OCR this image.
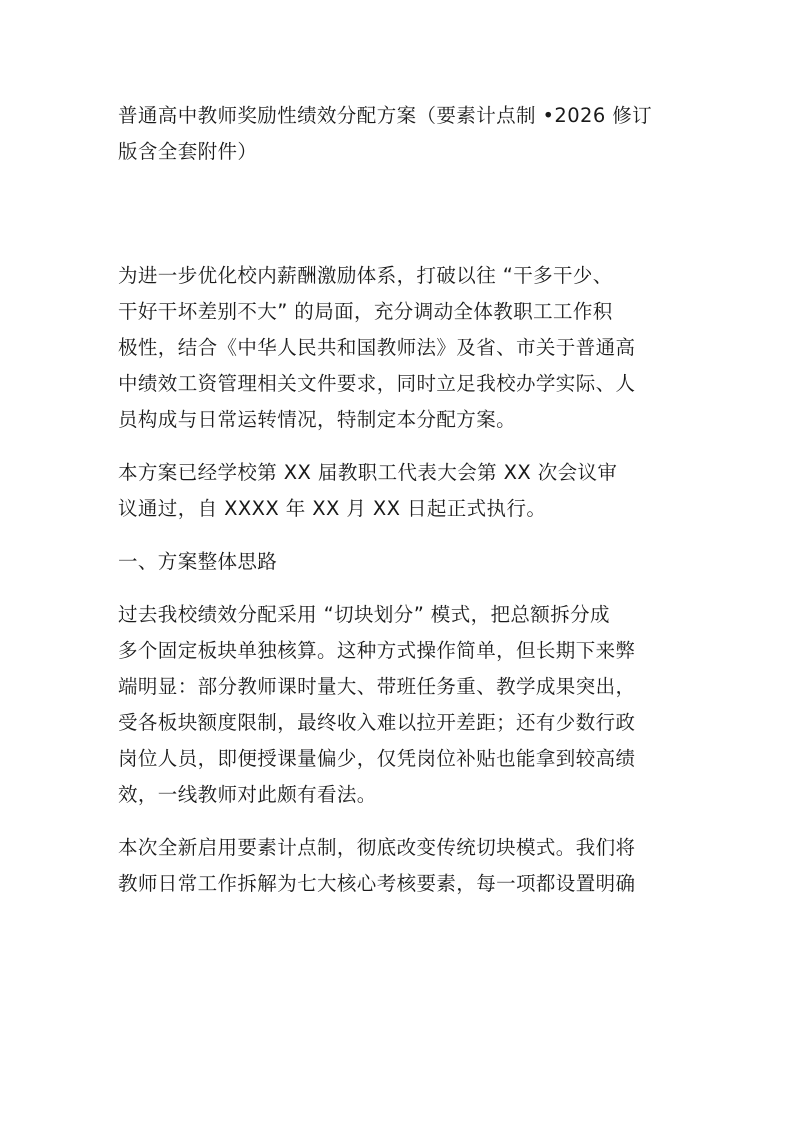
普通高中教师奖励性绩效分配方案（要素计点制 •2026 修订
版含全套附件）
为进一步优化校内薪酬激励体系，打破以往 “干多干少、
干好干坏差别不大” 的局面，充分调动全体教职工工作积
极性，结合《中华人民共和国教师法》及省、市关于普通高
中绩效工资管理相关文件要求，同时立足我校办学实际、人
员构成与日常运转情况，特制定本分配方案。
本方案已经学校第 XX 届教职工代表大会第 XX 次会议审
议通过，自 XXXX 年 XX 月 XX 日起正式执行。
一、方案整体思路
过去我校绩效分配采用 “切块划分” 模式，把总额拆分成
多个固定板块单独核算。这种方式操作简单，但长期下来弊
端明显：部分教师课时量大、带班任务重、教学成果突出，
受各板块额度限制，最终收入难以拉开差距；还有少数行政
岗位人员，即便授课量偏少，仅凭岗位补贴也能拿到较高绩
效，一线教师对此颇有看法。
本次全新启用要素计点制，彻底改变传统切块模式。我们将
教师日常工作拆解为七大核心考核要素，每一项都设置明确
